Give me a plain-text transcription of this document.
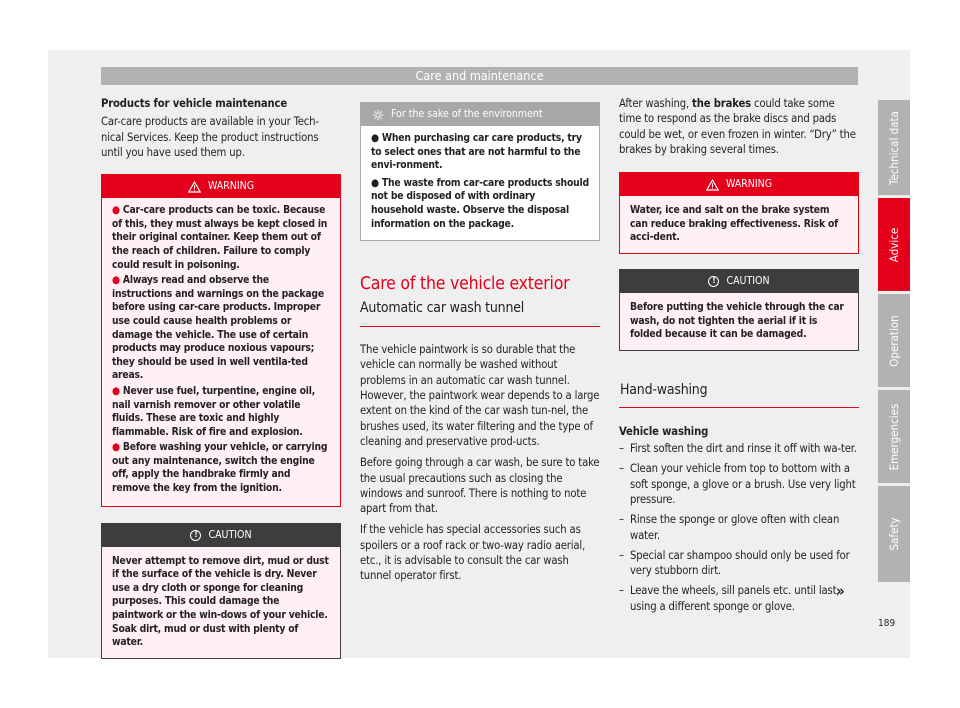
Care and maintenance

Products for vehicle maintenance

Car-care products are available in your Tech-nical Services. Keep the product instructions until you have used them up.

WARNING
● Car-care products can be toxic. Because of this, they must always be kept closed in their original container. Keep them out of the reach of children. Failure to comply could result in poisoning.
● Always read and observe the instructions and warnings on the package before using car-care products. Improper use could cause health problems or damage the vehicle. The use of certain products may produce noxious vapours; they should be used in well ventila-ted areas.
● Never use fuel, turpentine, engine oil, nail varnish remover or other volatile fluids. These are toxic and highly flammable. Risk of fire and explosion.
● Before washing your vehicle, or carrying out any maintenance, switch the engine off, apply the handbrake firmly and remove the key from the ignition.
!	CAUTION
Never attempt to remove dirt, mud or dust if the surface of the vehicle is dry. Never use a dry cloth or sponge for cleaning purposes. This could damage the paintwork or the win-dows of your vehicle. Soak dirt, mud or dust with plenty of water.
For the sake of the environment
● When purchasing car care products, try to select ones that are not harmful to the envi-ronment.
● The waste from car-care products should not be disposed of with ordinary household waste. Observe the disposal information on the package.
Care of the vehicle exterior
Automatic car wash tunnel

The vehicle paintwork is so durable that the vehicle can normally be washed without problems in an automatic car wash tunnel. However, the paintwork wear depends to a large extent on the kind of the car wash tun-nel, the brushes used, its water filtering and the type of cleaning and preservative prod-ucts.

Before going through a car wash, be sure to take the usual precautions such as closing the windows and sunroof. There is nothing to note apart from that.

If the vehicle has special accessories such as spoilers or a roof rack or two-way radio aerial, etc., it is advisable to consult the car wash tunnel operator first.

After washing, the brakes could take some time to respond as the brake discs and pads could be wet, or even frozen in winter. “Dry” the brakes by braking several times.

WARNING
Water, ice and salt on the brake system can reduce braking effectiveness. Risk of acci-dent.
!	CAUTION
Before putting the vehicle through the car wash, do not tighten the aerial if it is folded because it can be damaged.
Hand-washing

Vehicle washing

– First soften the dirt and rinse it off with wa-ter.
– Clean your vehicle from top to bottom with a soft sponge, a glove or a brush. Use very light pressure.
– Rinse the sponge or glove often with clean water.
– Special car shampoo should only be used for very stubborn dirt.
– Leave the wheels, sill panels etc. until last, using a different sponge or glove.
»
Technical data
Advice
Operation
Emergencies
Safety
189
